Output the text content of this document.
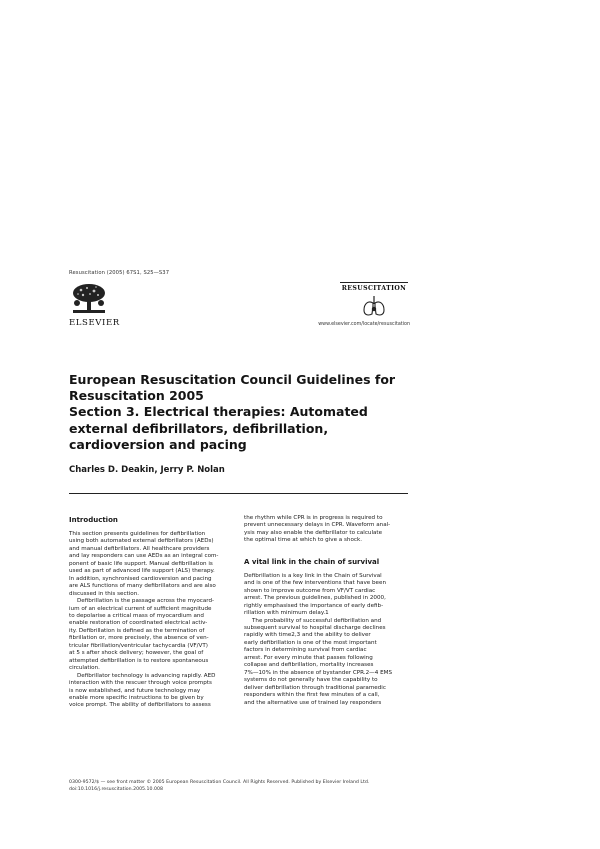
Resuscitation (2005) 67S1, S25—S37
ELSEVIER
RESUSCITATION
www.elsevier.com/locate/resuscitation
European Resuscitation Council Guidelines for
Resuscitation 2005
Section 3. Electrical therapies: Automated
external defibrillators, defibrillation,
cardioversion and pacing
Charles D. Deakin, Jerry P. Nolan
Introduction
This section presents guidelines for defibrillation
using both automated external defibrillators (AEDs)
and manual defibrillators. All healthcare providers
and lay responders can use AEDs as an integral com-
ponent of basic life support. Manual defibrillation is
used as part of advanced life support (ALS) therapy.
In addition, synchronised cardioversion and pacing
are ALS functions of many defibrillators and are also
discussed in this section.
Defibrillation is the passage across the myocard-
ium of an electrical current of sufficient magnitude
to depolarise a critical mass of myocardium and
enable restoration of coordinated electrical activ-
ity. Defibrillation is defined as the termination of
fibrillation or, more precisely, the absence of ven-
tricular fibrillation/ventricular tachycardia (VF/VT)
at 5 s after shock delivery; however, the goal of
attempted defibrillation is to restore spontaneous
circulation.
Defibrillator technology is advancing rapidly. AED
interaction with the rescuer through voice prompts
is now established, and future technology may
enable more specific instructions to be given by
voice prompt. The ability of defibrillators to assess
the rhythm while CPR is in progress is required to
prevent unnecessary delays in CPR. Waveform anal-
ysis may also enable the defibrillator to calculate
the optimal time at which to give a shock.
A vital link in the chain of survival
Defibrillation is a key link in the Chain of Survival
and is one of the few interventions that have been
shown to improve outcome from VF/VT cardiac
arrest. The previous guidelines, published in 2000,
rightly emphasised the importance of early defib-
rillation with minimum delay.1
The probability of successful defibrillation and
subsequent survival to hospital discharge declines
rapidly with time2,3 and the ability to deliver
early defibrillation is one of the most important
factors in determining survival from cardiac
arrest. For every minute that passes following
collapse and defibrillation, mortality increases
7%—10% in the absence of bystander CPR.2—4 EMS
systems do not generally have the capability to
deliver defibrillation through traditional paramedic
responders within the first few minutes of a call,
and the alternative use of trained lay responders
0300-9572/$ — see front matter © 2005 European Resuscitation Council. All Rights Reserved. Published by Elsevier Ireland Ltd.
doi:10.1016/j.resuscitation.2005.10.008
